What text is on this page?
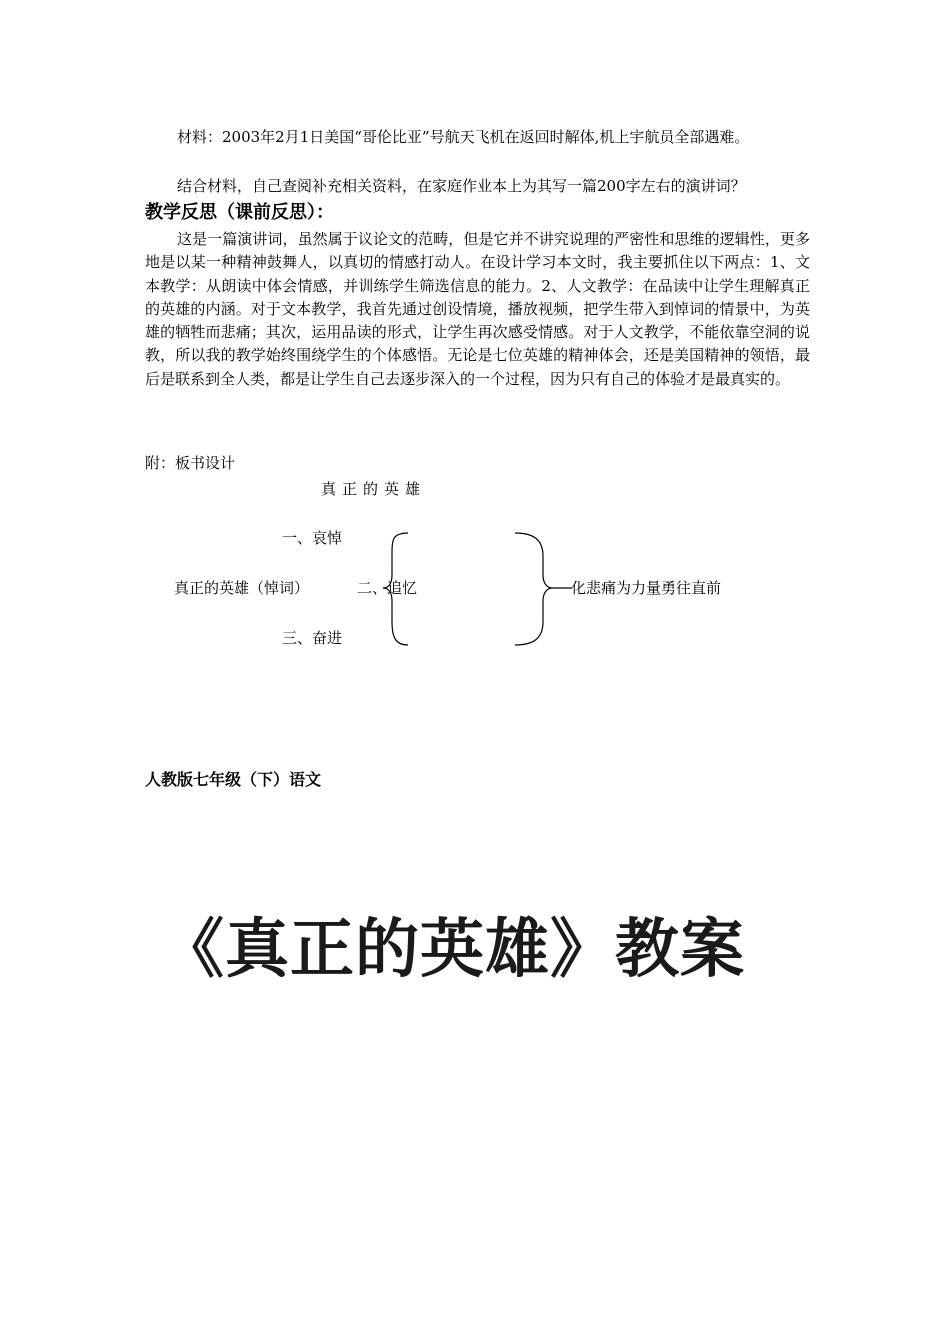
材料：2003年2月1日美国“哥伦比亚”号航天飞机在返回时解体,机上宇航员全部遇难。

结合材料，自己查阅补充相关资料，在家庭作业本上为其写一篇200字左右的演讲词？

教学反思（课前反思）：

这是一篇演讲词，虽然属于议论文的范畴，但是它并不讲究说理的严密性和思维的逻辑性，更多地是以某一种精神鼓舞人，以真切的情感打动人。在设计学习本文时，我主要抓住以下两点：1、文本教学：从朗读中体会情感，并训练学生筛选信息的能力。2、人文教学：在品读中让学生理解真正的英雄的内涵。对于文本教学，我首先通过创设情境，播放视频，把学生带入到悼词的情景中，为英雄的牺牲而悲痛；其次，运用品读的形式，让学生再次感受情感。对于人文教学，不能依靠空洞的说教，所以我的教学始终围绕学生的个体感悟。无论是七位英雄的精神体会，还是美国精神的领悟，最后是联系到全人类，都是让学生自己去逐步深入的一个过程，因为只有自己的体验才是最真实的。

附：板书设计

真正的英雄

一、哀悼

真正的英雄（悼词）	二、追忆

三、奋进

化悲痛为力量勇往直前

人教版七年级（下）语文

《真正的英雄》教案
